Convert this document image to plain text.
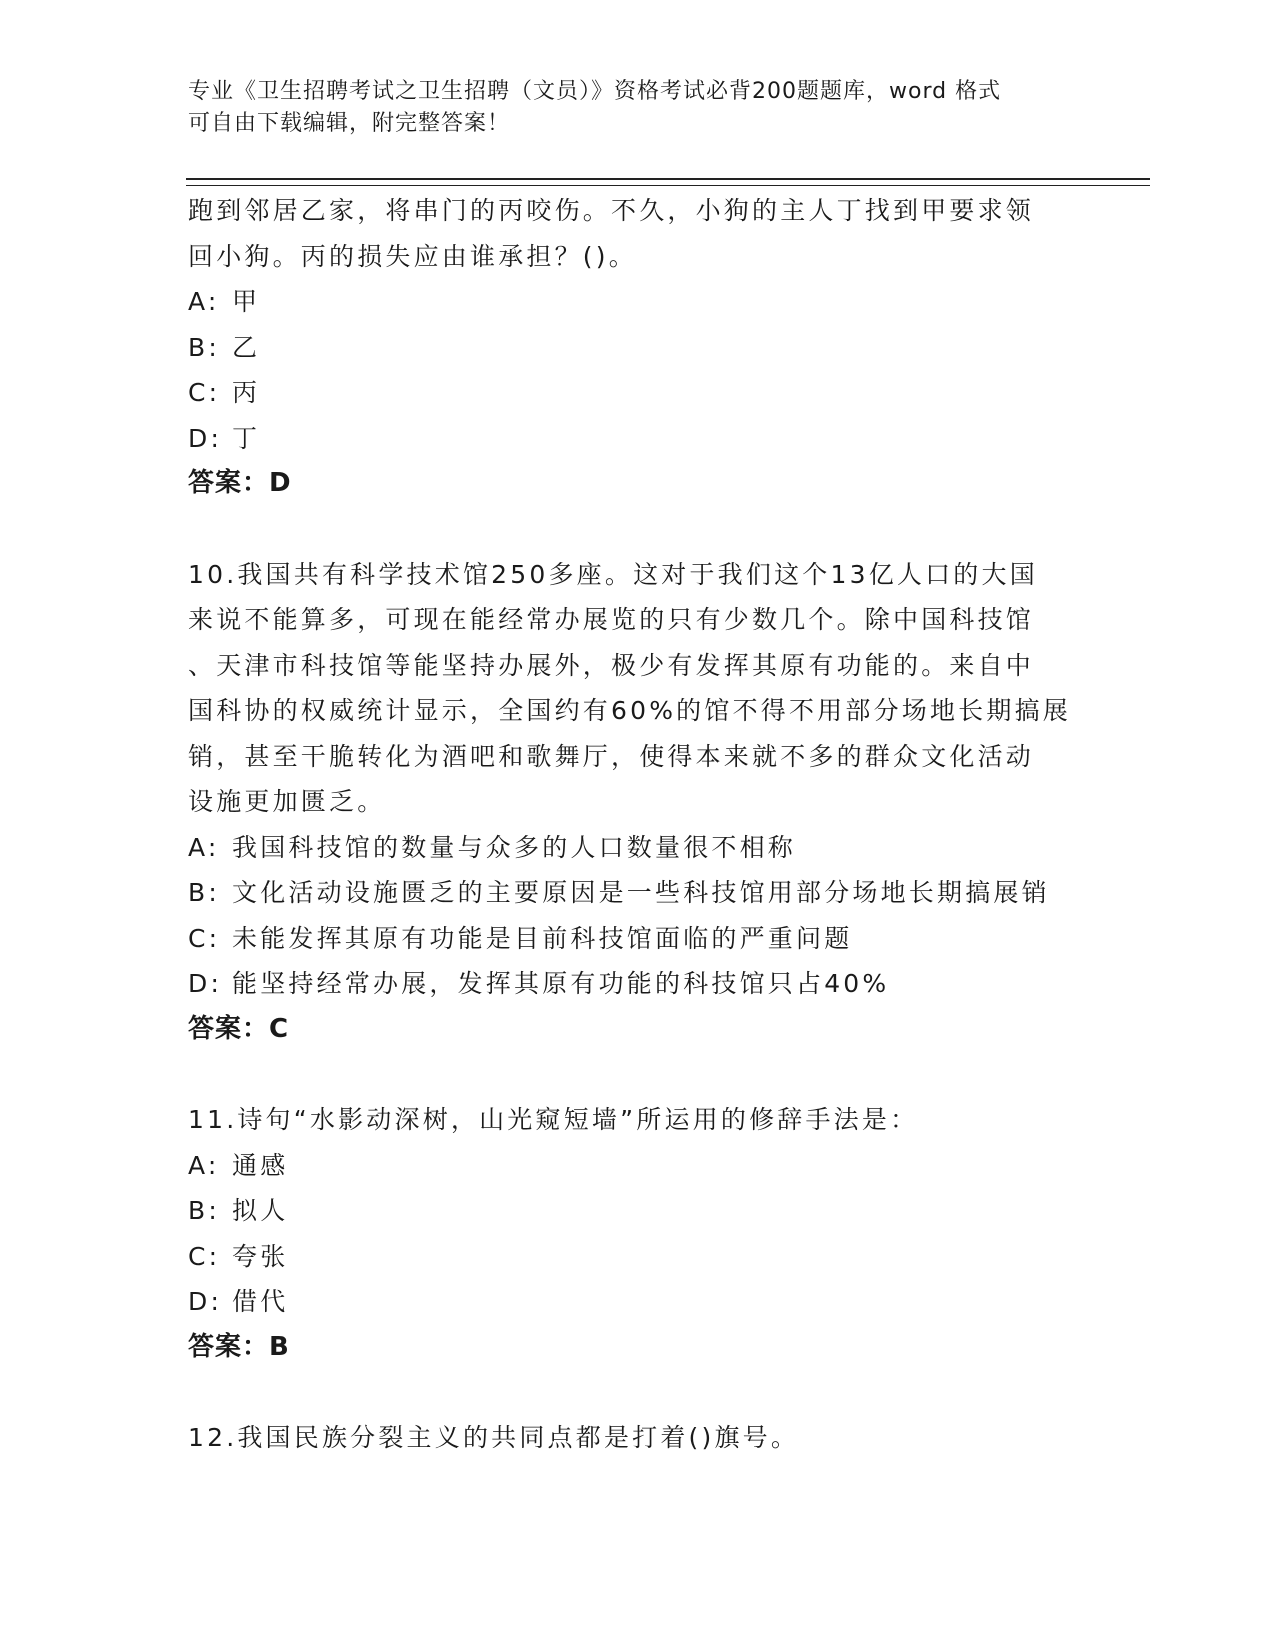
专业《卫生招聘考试之卫生招聘（文员）》资格考试必背200题题库，word 格式
可自由下载编辑，附完整答案！
跑到邻居乙家，将串门的丙咬伤。不久，小狗的主人丁找到甲要求领
回小狗。丙的损失应由谁承担？()。
A: 甲
B: 乙
C: 丙
D: 丁
答案：D
10.我国共有科学技术馆250多座。这对于我们这个13亿人口的大国
来说不能算多，可现在能经常办展览的只有少数几个。除中国科技馆
、天津市科技馆等能坚持办展外，极少有发挥其原有功能的。来自中
国科协的权威统计显示，全国约有60%的馆不得不用部分场地长期搞展
销，甚至干脆转化为酒吧和歌舞厅，使得本来就不多的群众文化活动
设施更加匮乏。
A: 我国科技馆的数量与众多的人口数量很不相称
B: 文化活动设施匮乏的主要原因是一些科技馆用部分场地长期搞展销
C: 未能发挥其原有功能是目前科技馆面临的严重问题
D: 能坚持经常办展，发挥其原有功能的科技馆只占40%
答案：C
11.诗句“水影动深树，山光窥短墙”所运用的修辞手法是：
A: 通感
B: 拟人
C: 夸张
D: 借代
答案：B
12.我国民族分裂主义的共同点都是打着()旗号。
